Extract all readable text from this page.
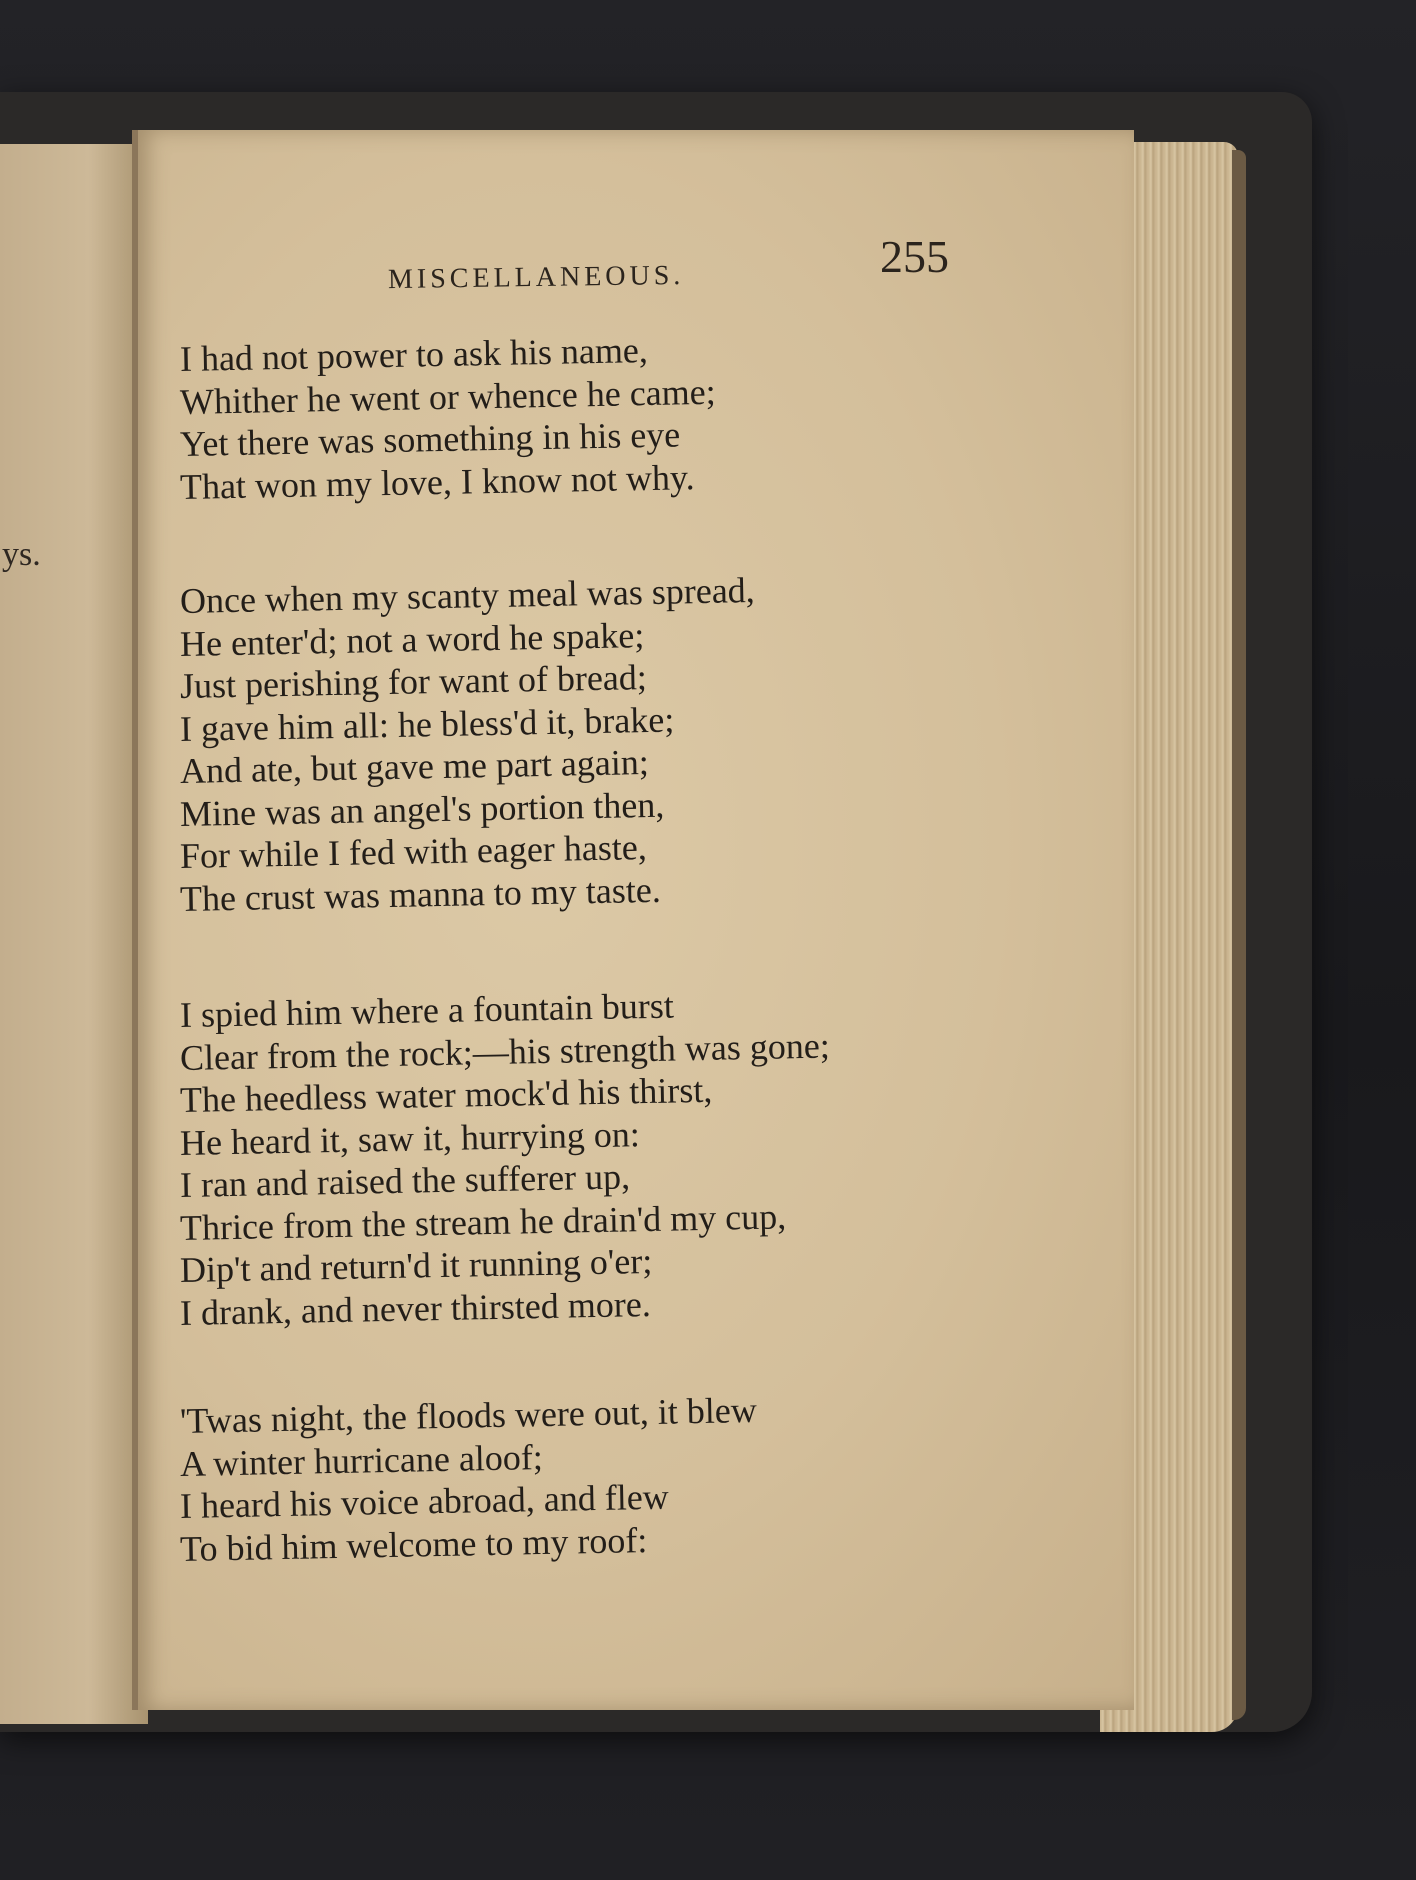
ys.
MISCELLANEOUS.	255
I had not power to ask his name,
Whither he went or whence he came;
Yet there was something in his eye
That won my love, I know not why.
Once when my scanty meal was spread,
He enter'd; not a word he spake;
Just perishing for want of bread;
I gave him all: he bless'd it, brake;
And ate, but gave me part again;
Mine was an angel's portion then,
For while I fed with eager haste,
The crust was manna to my taste.
I spied him where a fountain burst
Clear from the rock;—his strength was gone;
The heedless water mock'd his thirst,
He heard it, saw it, hurrying on:
I ran and raised the sufferer up,
Thrice from the stream he drain'd my cup,
Dip't and return'd it running o'er;
I drank, and never thirsted more.
'Twas night, the floods were out, it blew
A winter hurricane aloof;
I heard his voice abroad, and flew
To bid him welcome to my roof:
